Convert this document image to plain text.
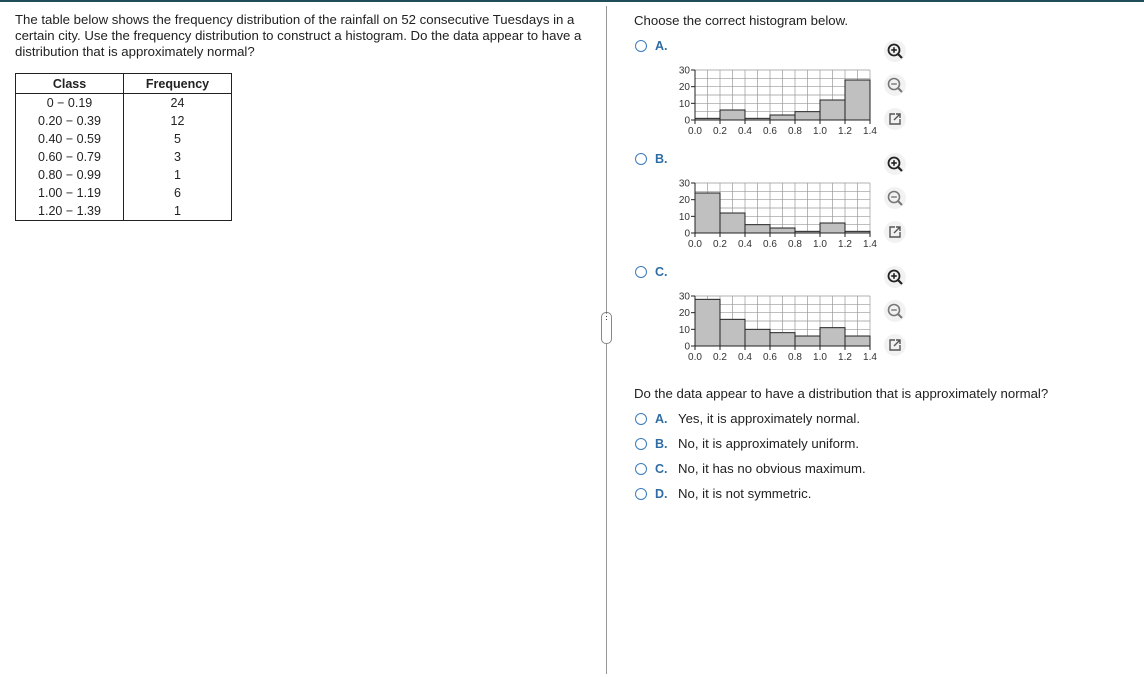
The table below shows the frequency distribution of the rainfall on 52 consecutive Tuesdays in a certain city. Use the frequency distribution to construct a histogram. Do the data appear to have a distribution that is approximately normal?
Class	Frequency
0 − 0.19	24
0.20 − 0.39	12
0.40 − 0.59	5
0.60 − 0.79	3
0.80 − 0.99	1
1.00 − 1.19	6
1.20 − 1.39	1
⋮
Choose the correct histogram below.
A.
0
10
20
30
0.0 0.2 0.4 0.6 0.8 1.0 1.2 1.4
B.
0
10
20
30
0.0 0.2 0.4 0.6 0.8 1.0 1.2 1.4
C.
0
10
20
30
0.0 0.2 0.4 0.6 0.8 1.0 1.2 1.4
Do the data appear to have a distribution that is approximately normal?
A. Yes, it is approximately normal.
B. No, it is approximately uniform.
C. No, it has no obvious maximum.
D. No, it is not symmetric.
